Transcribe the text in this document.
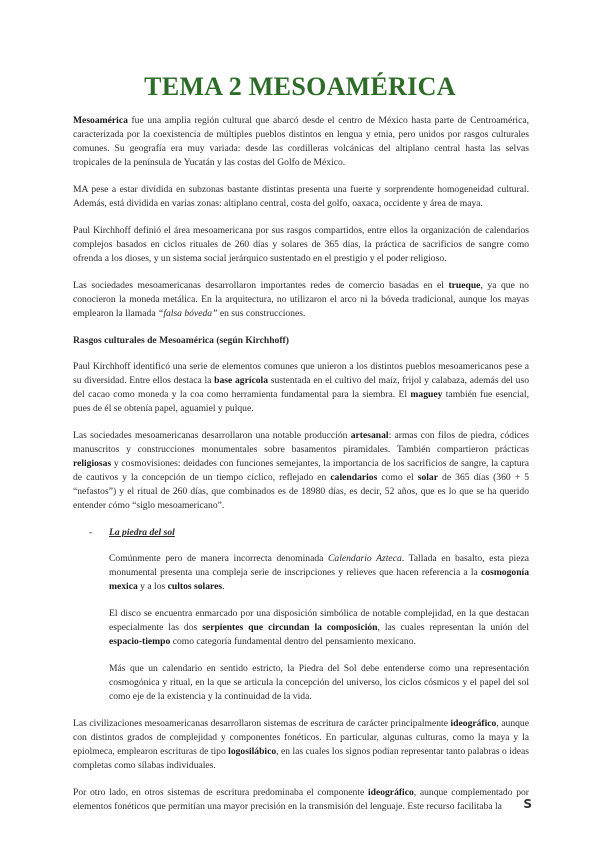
TEMA 2 MESOAMÉRICA

Mesoamérica fue una amplia región cultural que abarcó desde el centro de México hasta parte de Centroamérica, caracterizada por la coexistencia de múltiples pueblos distintos en lengua y etnia, pero unidos por rasgos culturales comunes. Su geografía era muy variada: desde las cordilleras volcánicas del altiplano central hasta las selvas tropicales de la península de Yucatán y las costas del Golfo de México.

MA pese a estar dividida en subzonas bastante distintas presenta una fuerte y sorprendente homogeneidad cultural. Además, está dividida en varias zonas: altiplano central, costa del golfo, oaxaca, occidente y área de maya.

Paul Kirchhoff definió el área mesoamericana por sus rasgos compartidos, entre ellos la organización de calendarios complejos basados en ciclos rituales de 260 días y solares de 365 días, la práctica de sacrificios de sangre como ofrenda a los dioses, y un sistema social jerárquico sustentado en el prestigio y el poder religioso.

Las sociedades mesoamericanas desarrollaron importantes redes de comercio basadas en el trueque, ya que no conocieron la moneda metálica. En la arquitectura, no utilizaron el arco ni la bóveda tradicional, aunque los mayas emplearon la llamada “falsa bóveda” en sus construcciones.

Rasgos culturales de Mesoamérica (según Kirchhoff)

Paul Kirchhoff identificó una serie de elementos comunes que unieron a los distintos pueblos mesoamericanos pese a su diversidad. Entre ellos destaca la base agrícola sustentada en el cultivo del maíz, frijol y calabaza, además del uso del cacao como moneda y la coa como herramienta fundamental para la siembra. El maguey también fue esencial, pues de él se obtenía papel, aguamiel y pulque.

Las sociedades mesoamericanas desarrollaron una notable producción artesanal: armas con filos de piedra, códices manuscritos y construcciones monumentales sobre basamentos piramidales. También compartieron prácticas religiosas y cosmovisiones: deidades con funciones semejantes, la importancia de los sacrificios de sangre, la captura de cautivos y la concepción de un tiempo cíclico, reflejado en calendarios como el solar de 365 días (360 + 5 “nefastos”) y el ritual de 260 días, que combinados es de 18980 días, es decir, 52 años, que es lo que se ha querido entender cómo “siglo mesoamericano”.

- La piedra del sol

Comúnmente pero de manera incorrecta denominada Calendario Azteca. Tallada en basalto, esta pieza monumental presenta una compleja serie de inscripciones y relieves que hacen referencia a la cosmogonía mexica y a los cultos solares.

El disco se encuentra enmarcado por una disposición simbólica de notable complejidad, en la que destacan especialmente las dos serpientes que circundan la composición, las cuales representan la unión del espacio-tiempo como categoría fundamental dentro del pensamiento mexicano.

Más que un calendario en sentido estricto, la Piedra del Sol debe entenderse como una representación cosmogónica y ritual, en la que se articula la concepción del universo, los ciclos cósmicos y el papel del sol como eje de la existencia y la continuidad de la vida.

Las civilizaciones mesoamericanas desarrollaron sistemas de escritura de carácter principalmente ideográfico, aunque con distintos grados de complejidad y componentes fonéticos. En particular, algunas culturas, como la maya y la epiolmeca, emplearon escrituras de tipo logosilábico, en las cuales los signos podían representar tanto palabras o ideas completas como sílabas individuales.

Por otro lado, en otros sistemas de escritura predominaba el componente ideográfico, aunque complementado por elementos fonéticos que permitían una mayor precisión en la transmisión del lenguaje. Este recurso facilitaba la	S
